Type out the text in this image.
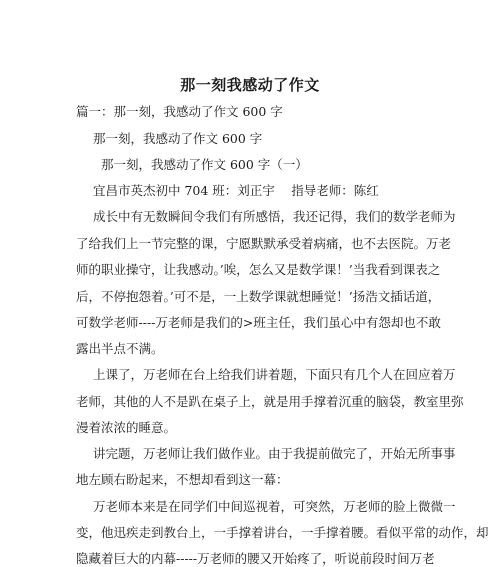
那一刻我感动了作文
篇一：那一刻，我感动了作文 600 字
那一刻，我感动了作文 600 字
那一刻，我感动了作文 600 字（一）
宜昌市英杰初中 704 班：刘正宇　 指导老师：陈红
成长中有无数瞬间令我们有所感悟，我还记得，我们的数学老师为
了给我们上一节完整的课，宁愿默默承受着病痛，也不去医院。万老
师的职业操守，让我感动。’唉，怎么又是数学课！’当我看到课表之
后，不停抱怨着。’可不是，一上数学课就想睡觉！’扬浩文插话道，
可数学老师----万老师是我们的>班主任，我们虽心中有怨却也不敢
露出半点不满。
上课了，万老师在台上给我们讲着题，下面只有几个人在回应着万
老师，其他的人不是趴在桌子上，就是用手撑着沉重的脑袋，教室里弥
漫着浓浓的睡意。
讲完题，万老师让我们做作业。由于我提前做完了，开始无所事事
地左顾右盼起来，不想却看到这一幕：
万老师本来是在同学们中间巡视着，可突然，万老师的脸上微微一
变，他迅疾走到教台上，一手撑着讲台，一手撑着腰。看似平常的动作，却
隐藏着巨大的内幕-----万老师的腰又开始疼了，听说前段时间万老
